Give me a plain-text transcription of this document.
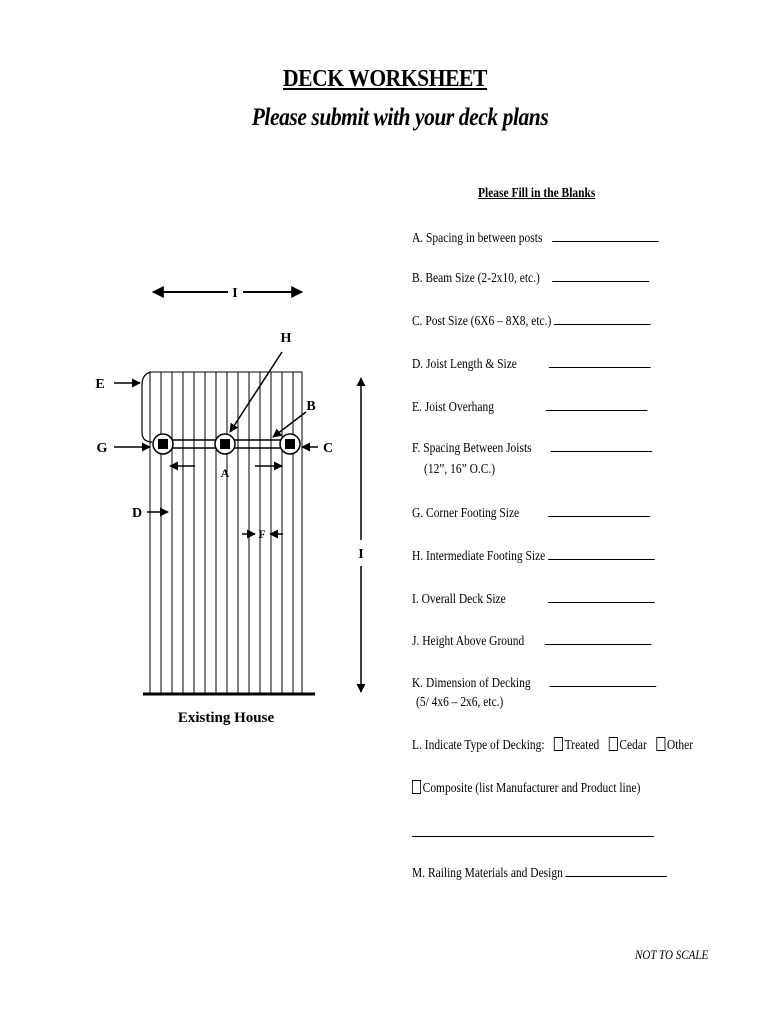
DECK WORKSHEET
Please submit with your deck plans
Please Fill in the Blanks
A. Spacing in between posts
B. Beam Size (2-2x10, etc.)
C. Post Size (6X6 – 8X8, etc.)
D. Joist Length & Size
E. Joist Overhang
F. Spacing Between Joists
(12”, 16” O.C.)
G. Corner Footing Size
H. Intermediate Footing Size
I. Overall Deck Size
J. Height Above Ground
K. Dimension of Decking
(5/ 4x6 – 2x6, etc.)
L. Indicate Type of Decking: Treated Cedar Other
Composite (list Manufacturer and Product line)
M. Railing Materials and Design
NOT TO SCALE
I
A
H
E
B
G	C
D
F
I
Existing House
